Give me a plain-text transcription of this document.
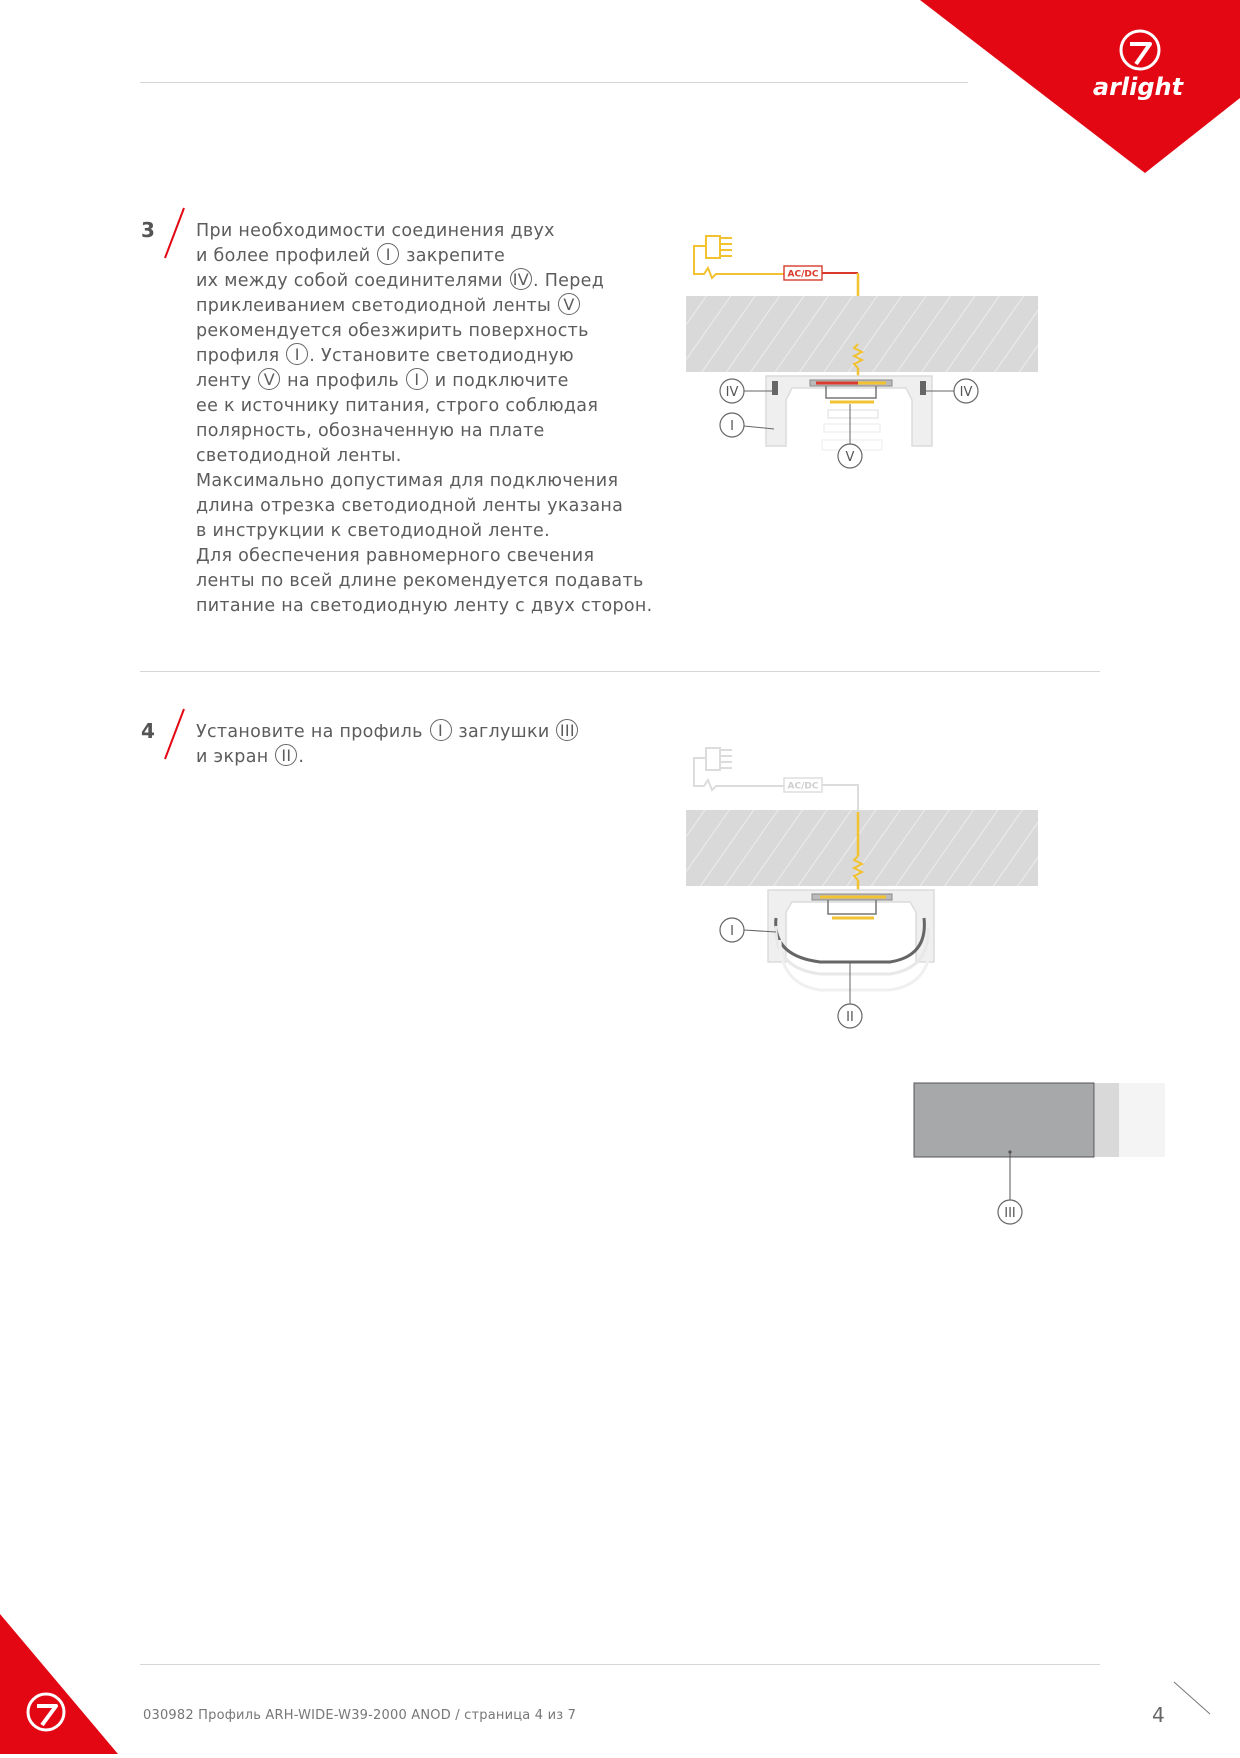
arlight
3 При необходимости соединения двух
и более профилей I закрепите
их между собой соединителями IV . Перед
приклеиванием светодиодной ленты V
рекомендуется обезжирить поверхность
профиля I . Установите светодиодную
ленту V на профиль I и подключите
ее к источнику питания, строго соблюдая
полярность, обозначенную на плате
светодиодной ленты.
Максимально допустимая для подключения
длина отрезка светодиодной ленты указана
в инструкции к светодиодной ленте.
Для обеспечения равномерного свечения
ленты по всей длине рекомендуется подавать
питание на светодиодную ленту с двух сторон.
AC/DC
IV	IV
I
V
4 Установите на профиль I заглушки III
и экран II .
AC/DC
I
II
III
030982 Профиль ARH-WIDE-W39-2000 ANOD / страница 4 из 7	4
